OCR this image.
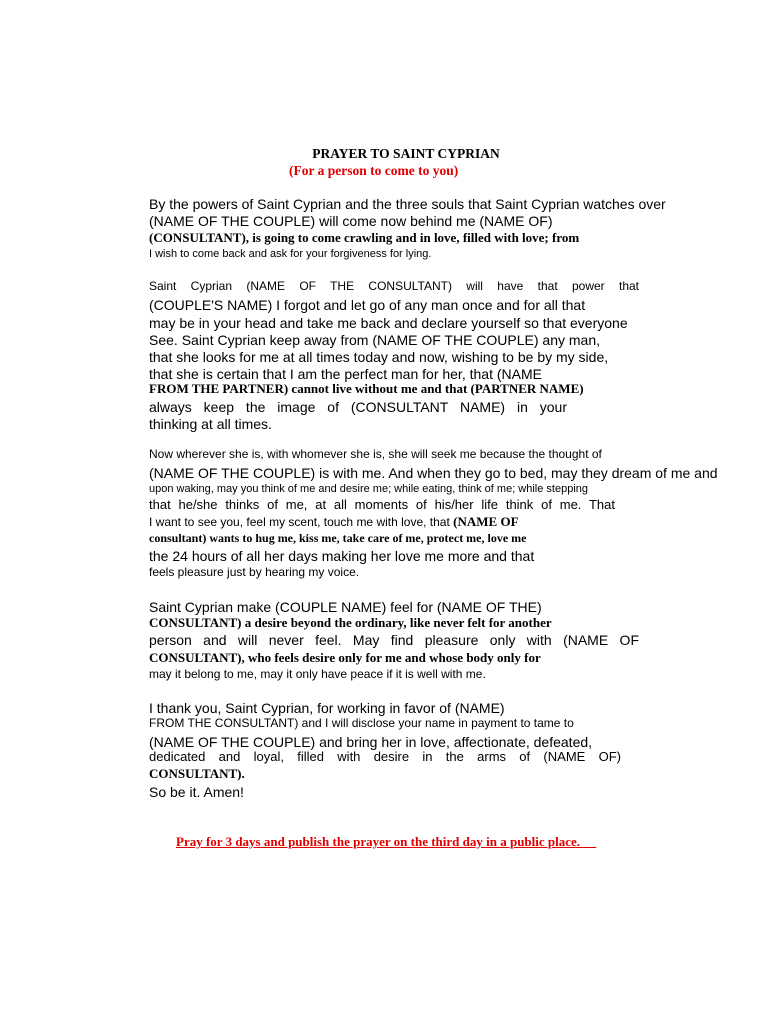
PRAYER TO SAINT CYPRIAN
(For a person to come to you)
By the powers of Saint Cyprian and the three souls that Saint Cyprian watches over
(NAME OF THE COUPLE) will come now behind me (NAME OF)
(CONSULTANT), is going to come crawling and in love, filled with love; from
I wish to come back and ask for your forgiveness for lying.
Saint Cyprian (NAME OF THE CONSULTANT) will have that power that
(COUPLE'S NAME) I forgot and let go of any man once and for all that
may be in your head and take me back and declare yourself so that everyone
See. Saint Cyprian keep away from (NAME OF THE COUPLE) any man,
that she looks for me at all times today and now, wishing to be by my side,
that she is certain that I am the perfect man for her, that (NAME
FROM THE PARTNER) cannot live without me and that (PARTNER NAME)
always keep the image of (CONSULTANT NAME) in your
thinking at all times.
Now wherever she is, with whomever she is, she will seek me because the thought of
(NAME OF THE COUPLE) is with me. And when they go to bed, may they dream of me and
upon waking, may you think of me and desire me; while eating, think of me; while stepping
that he/she thinks of me, at all moments of his/her life think of me. That
I want to see you, feel my scent, touch me with love, that (NAME OF
consultant) wants to hug me, kiss me, take care of me, protect me, love me
the 24 hours of all her days making her love me more and that
feels pleasure just by hearing my voice.
Saint Cyprian make (COUPLE NAME) feel for (NAME OF THE)
CONSULTANT) a desire beyond the ordinary, like never felt for another
person and will never feel. May find pleasure only with (NAME OF
CONSULTANT), who feels desire only for me and whose body only for
may it belong to me, may it only have peace if it is well with me.
I thank you, Saint Cyprian, for working in favor of (NAME)
FROM THE CONSULTANT) and I will disclose your name in payment to tame to
(NAME OF THE COUPLE) and bring her in love, affectionate, defeated,
dedicated and loyal, filled with desire in the arms of (NAME OF)
CONSULTANT).
So be it. Amen!
Pray for 3 days and publish the prayer on the third day in a public place.
